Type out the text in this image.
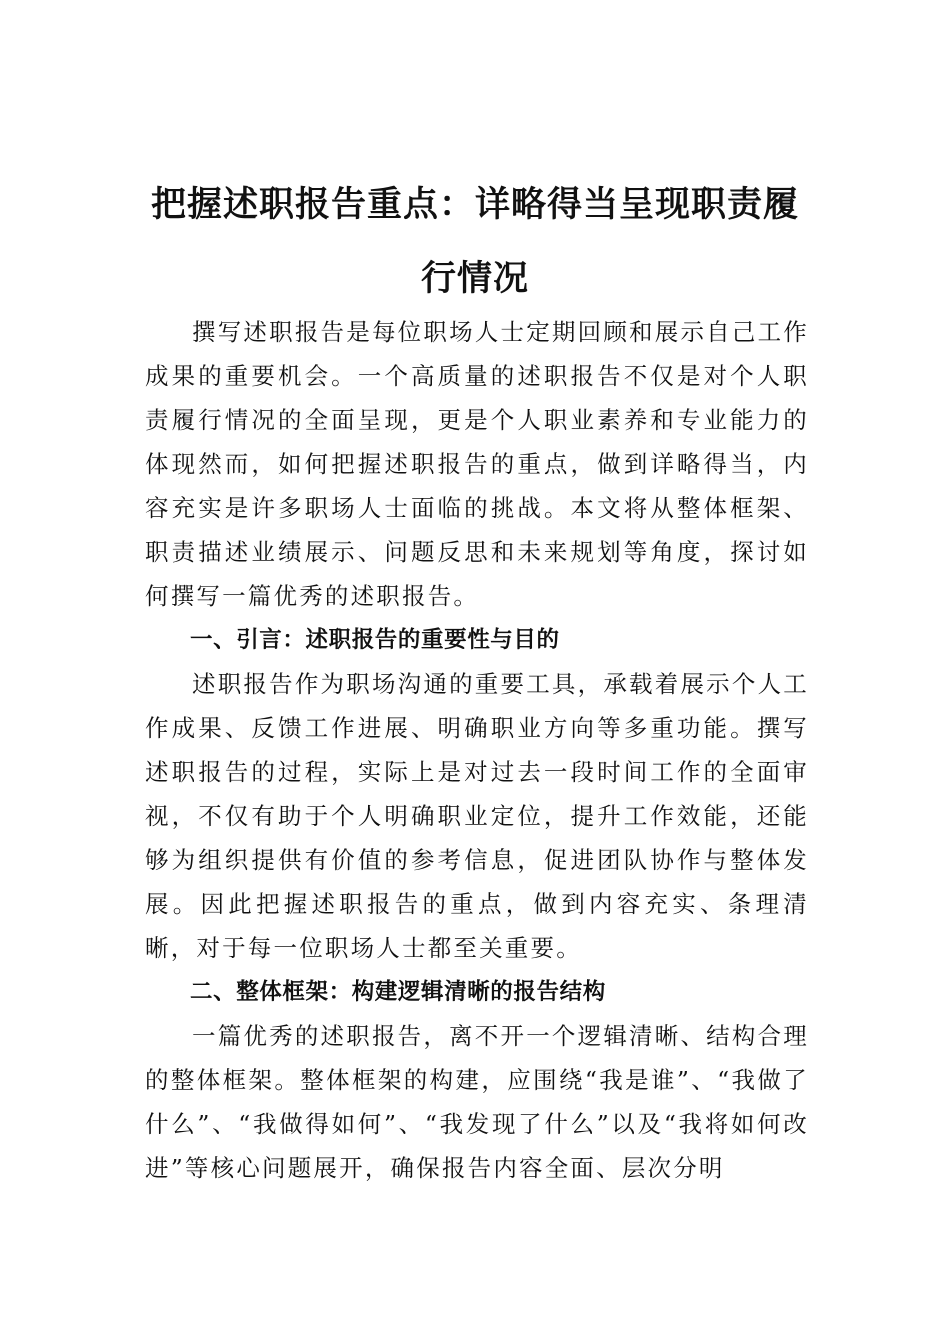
把握述职报告重点：详略得当呈现职责履行情况

撰写述职报告是每位职场人士定期回顾和展示自己工作成果的重要机会。一个高质量的述职报告不仅是对个人职责履行情况的全面呈现，更是个人职业素养和专业能力的体现然而，如何把握述职报告的重点，做到详略得当，内容充实是许多职场人士面临的挑战。本文将从整体框架、职责描述业绩展示、问题反思和未来规划等角度，探讨如何撰写一篇优秀的述职报告。

一、引言：述职报告的重要性与目的

述职报告作为职场沟通的重要工具，承载着展示个人工作成果、反馈工作进展、明确职业方向等多重功能。撰写述职报告的过程，实际上是对过去一段时间工作的全面审视，不仅有助于个人明确职业定位，提升工作效能，还能够为组织提供有价值的参考信息，促进团队协作与整体发展。因此把握述职报告的重点，做到内容充实、条理清晰，对于每一位职场人士都至关重要。

二、整体框架：构建逻辑清晰的报告结构

一篇优秀的述职报告，离不开一个逻辑清晰、结构合理的整体框架。整体框架的构建，应围绕“我是谁”、“我做了什么”、“我做得如何”、“我发现了什么”以及“我将如何改进”等核心问题展开，确保报告内容全面、层次分明
